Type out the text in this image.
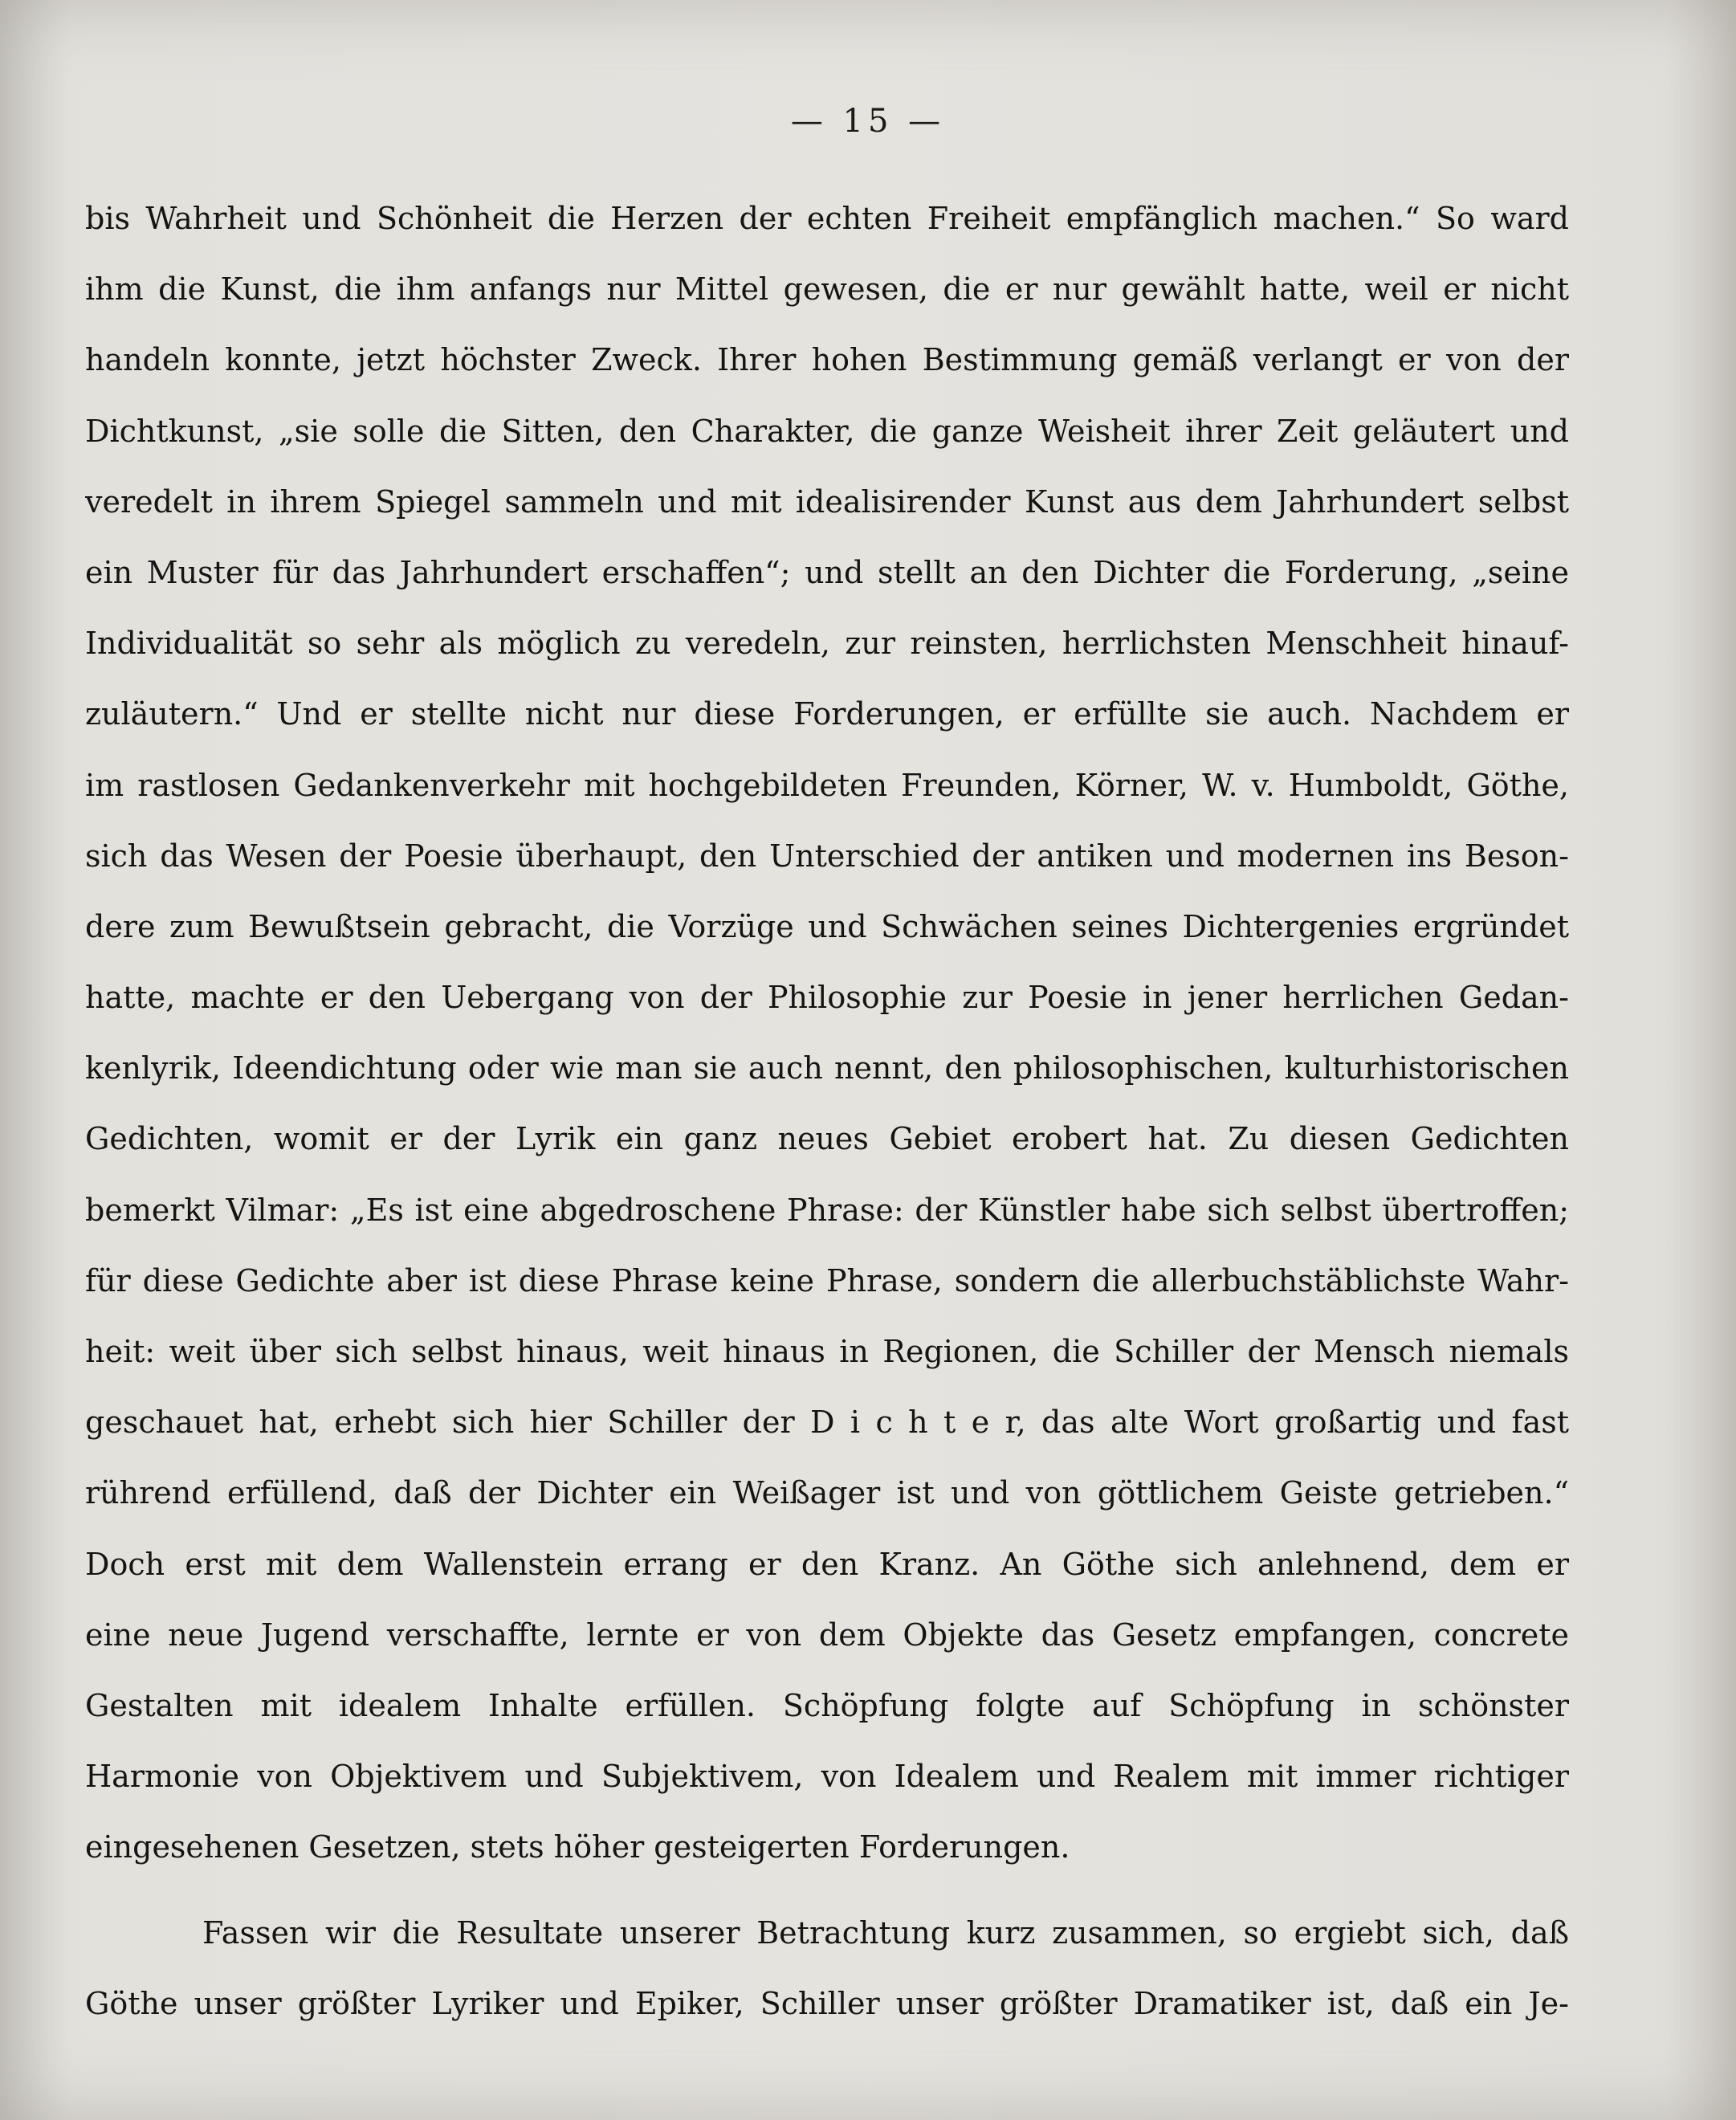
— 15 —
bis Wahrheit und Schönheit die Herzen der echten Freiheit empfänglich machen.“ So ward
ihm die Kunst, die ihm anfangs nur Mittel gewesen, die er nur gewählt hatte, weil er nicht
handeln konnte, jetzt höchster Zweck. Ihrer hohen Bestimmung gemäß verlangt er von der
Dichtkunst, „sie solle die Sitten, den Charakter, die ganze Weisheit ihrer Zeit geläutert und
veredelt in ihrem Spiegel sammeln und mit idealisirender Kunst aus dem Jahrhundert selbst
ein Muster für das Jahrhundert erschaffen“; und stellt an den Dichter die Forderung, „seine
Individualität so sehr als möglich zu veredeln, zur reinsten, herrlichsten Menschheit hinauf-
zuläutern.“ Und er stellte nicht nur diese Forderungen, er erfüllte sie auch. Nachdem er
im rastlosen Gedankenverkehr mit hochgebildeten Freunden, Körner, W. v. Humboldt, Göthe,
sich das Wesen der Poesie überhaupt, den Unterschied der antiken und modernen ins Beson-
dere zum Bewußtsein gebracht, die Vorzüge und Schwächen seines Dichtergenies ergründet
hatte, machte er den Uebergang von der Philosophie zur Poesie in jener herrlichen Gedan-
kenlyrik, Ideendichtung oder wie man sie auch nennt, den philosophischen, kulturhistorischen
Gedichten, womit er der Lyrik ein ganz neues Gebiet erobert hat. Zu diesen Gedichten
bemerkt Vilmar: „Es ist eine abgedroschene Phrase: der Künstler habe sich selbst übertroffen;
für diese Gedichte aber ist diese Phrase keine Phrase, sondern die allerbuchstäblichste Wahr-
heit: weit über sich selbst hinaus, weit hinaus in Regionen, die Schiller der Mensch niemals
geschauet hat, erhebt sich hier Schiller der D i c h t e r, das alte Wort großartig und fast
rührend erfüllend, daß der Dichter ein Weißager ist und von göttlichem Geiste getrieben.“
Doch erst mit dem Wallenstein errang er den Kranz. An Göthe sich anlehnend, dem er
eine neue Jugend verschaffte, lernte er von dem Objekte das Gesetz empfangen, concrete
Gestalten mit idealem Inhalte erfüllen. Schöpfung folgte auf Schöpfung in schönster
Harmonie von Objektivem und Subjektivem, von Idealem und Realem mit immer richtiger
eingesehenen Gesetzen, stets höher gesteigerten Forderungen.
Fassen wir die Resultate unserer Betrachtung kurz zusammen, so ergiebt sich, daß
Göthe unser größter Lyriker und Epiker, Schiller unser größter Dramatiker ist, daß ein Je-
